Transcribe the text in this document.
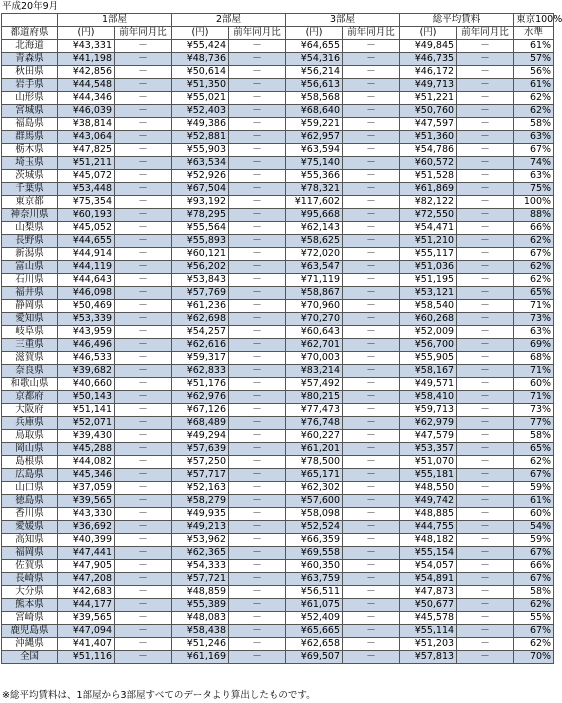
平成20年9月
	1部屋		2部屋		3部屋		総平均賃料		東京100%
都道府県	(円)	前年同月比	(円)	前年同月比	(円)	前年同月比	(円)	前年同月比	水準
北海道	¥43,331	－	¥55,424	－	¥64,655	－	¥49,845	－	61%
青森県	¥41,198	－	¥48,736	－	¥54,316	－	¥46,735	－	57%
秋田県	¥42,856	－	¥50,614	－	¥56,214	－	¥46,172	－	56%
岩手県	¥44,548	－	¥51,350	－	¥56,613	－	¥49,713	－	61%
山形県	¥44,346	－	¥55,021	－	¥58,568	－	¥51,221	－	62%
宮城県	¥46,039	－	¥52,403	－	¥68,640	－	¥50,760	－	62%
福島県	¥38,814	－	¥49,386	－	¥59,221	－	¥47,597	－	58%
群馬県	¥43,064	－	¥52,881	－	¥62,957	－	¥51,360	－	63%
栃木県	¥47,825	－	¥55,903	－	¥63,594	－	¥54,786	－	67%
埼玉県	¥51,211	－	¥63,534	－	¥75,140	－	¥60,572	－	74%
茨城県	¥45,072	－	¥52,926	－	¥55,366	－	¥51,528	－	63%
千葉県	¥53,448	－	¥67,504	－	¥78,321	－	¥61,869	－	75%
東京都	¥75,354	－	¥93,192	－	¥117,602	－	¥82,122	－	100%
神奈川県	¥60,193	－	¥78,295	－	¥95,668	－	¥72,550	－	88%
山梨県	¥45,052	－	¥55,564	－	¥62,143	－	¥54,471	－	66%
長野県	¥44,655	－	¥55,893	－	¥58,625	－	¥51,210	－	62%
新潟県	¥44,914	－	¥60,121	－	¥72,020	－	¥55,117	－	67%
富山県	¥44,119	－	¥56,202	－	¥63,547	－	¥51,036	－	62%
石川県	¥44,643	－	¥53,843	－	¥71,119	－	¥51,195	－	62%
福井県	¥46,098	－	¥57,769	－	¥58,867	－	¥53,121	－	65%
静岡県	¥50,469	－	¥61,236	－	¥70,960	－	¥58,540	－	71%
愛知県	¥53,339	－	¥62,698	－	¥70,270	－	¥60,268	－	73%
岐阜県	¥43,959	－	¥54,257	－	¥60,643	－	¥52,009	－	63%
三重県	¥46,496	－	¥62,616	－	¥62,701	－	¥56,700	－	69%
滋賀県	¥46,533	－	¥59,317	－	¥70,003	－	¥55,905	－	68%
奈良県	¥39,682	－	¥62,833	－	¥83,214	－	¥58,167	－	71%
和歌山県	¥40,660	－	¥51,176	－	¥57,492	－	¥49,571	－	60%
京都府	¥50,143	－	¥62,976	－	¥80,215	－	¥58,410	－	71%
大阪府	¥51,141	－	¥67,126	－	¥77,473	－	¥59,713	－	73%
兵庫県	¥52,071	－	¥68,489	－	¥76,748	－	¥62,979	－	77%
鳥取県	¥39,430	－	¥49,294	－	¥60,227	－	¥47,579	－	58%
岡山県	¥45,288	－	¥57,639	－	¥61,201	－	¥53,357	－	65%
島根県	¥44,082	－	¥57,250	－	¥78,500	－	¥51,070	－	62%
広島県	¥45,346	－	¥57,717	－	¥65,171	－	¥55,181	－	67%
山口県	¥37,059	－	¥52,163	－	¥62,302	－	¥48,550	－	59%
徳島県	¥39,565	－	¥58,279	－	¥57,600	－	¥49,742	－	61%
香川県	¥43,330	－	¥49,935	－	¥58,098	－	¥48,885	－	60%
愛媛県	¥36,692	－	¥49,213	－	¥52,524	－	¥44,755	－	54%
高知県	¥40,399	－	¥53,962	－	¥66,359	－	¥48,182	－	59%
福岡県	¥47,441	－	¥62,365	－	¥69,558	－	¥55,154	－	67%
佐賀県	¥47,905	－	¥54,333	－	¥60,350	－	¥54,057	－	66%
長崎県	¥47,208	－	¥57,721	－	¥63,759	－	¥54,891	－	67%
大分県	¥42,683	－	¥48,859	－	¥56,511	－	¥47,873	－	58%
熊本県	¥44,177	－	¥55,389	－	¥61,075	－	¥50,677	－	62%
宮崎県	¥39,565	－	¥48,083	－	¥52,409	－	¥45,578	－	55%
鹿児島県	¥47,094	－	¥58,438	－	¥65,665	－	¥55,114	－	67%
沖縄県	¥41,407	－	¥51,246	－	¥62,658	－	¥51,203	－	62%
全国	¥51,116	－	¥61,169	－	¥69,507	－	¥57,813	－	70%
※総平均賃料は、1部屋から3部屋すべてのデータより算出したものです。
